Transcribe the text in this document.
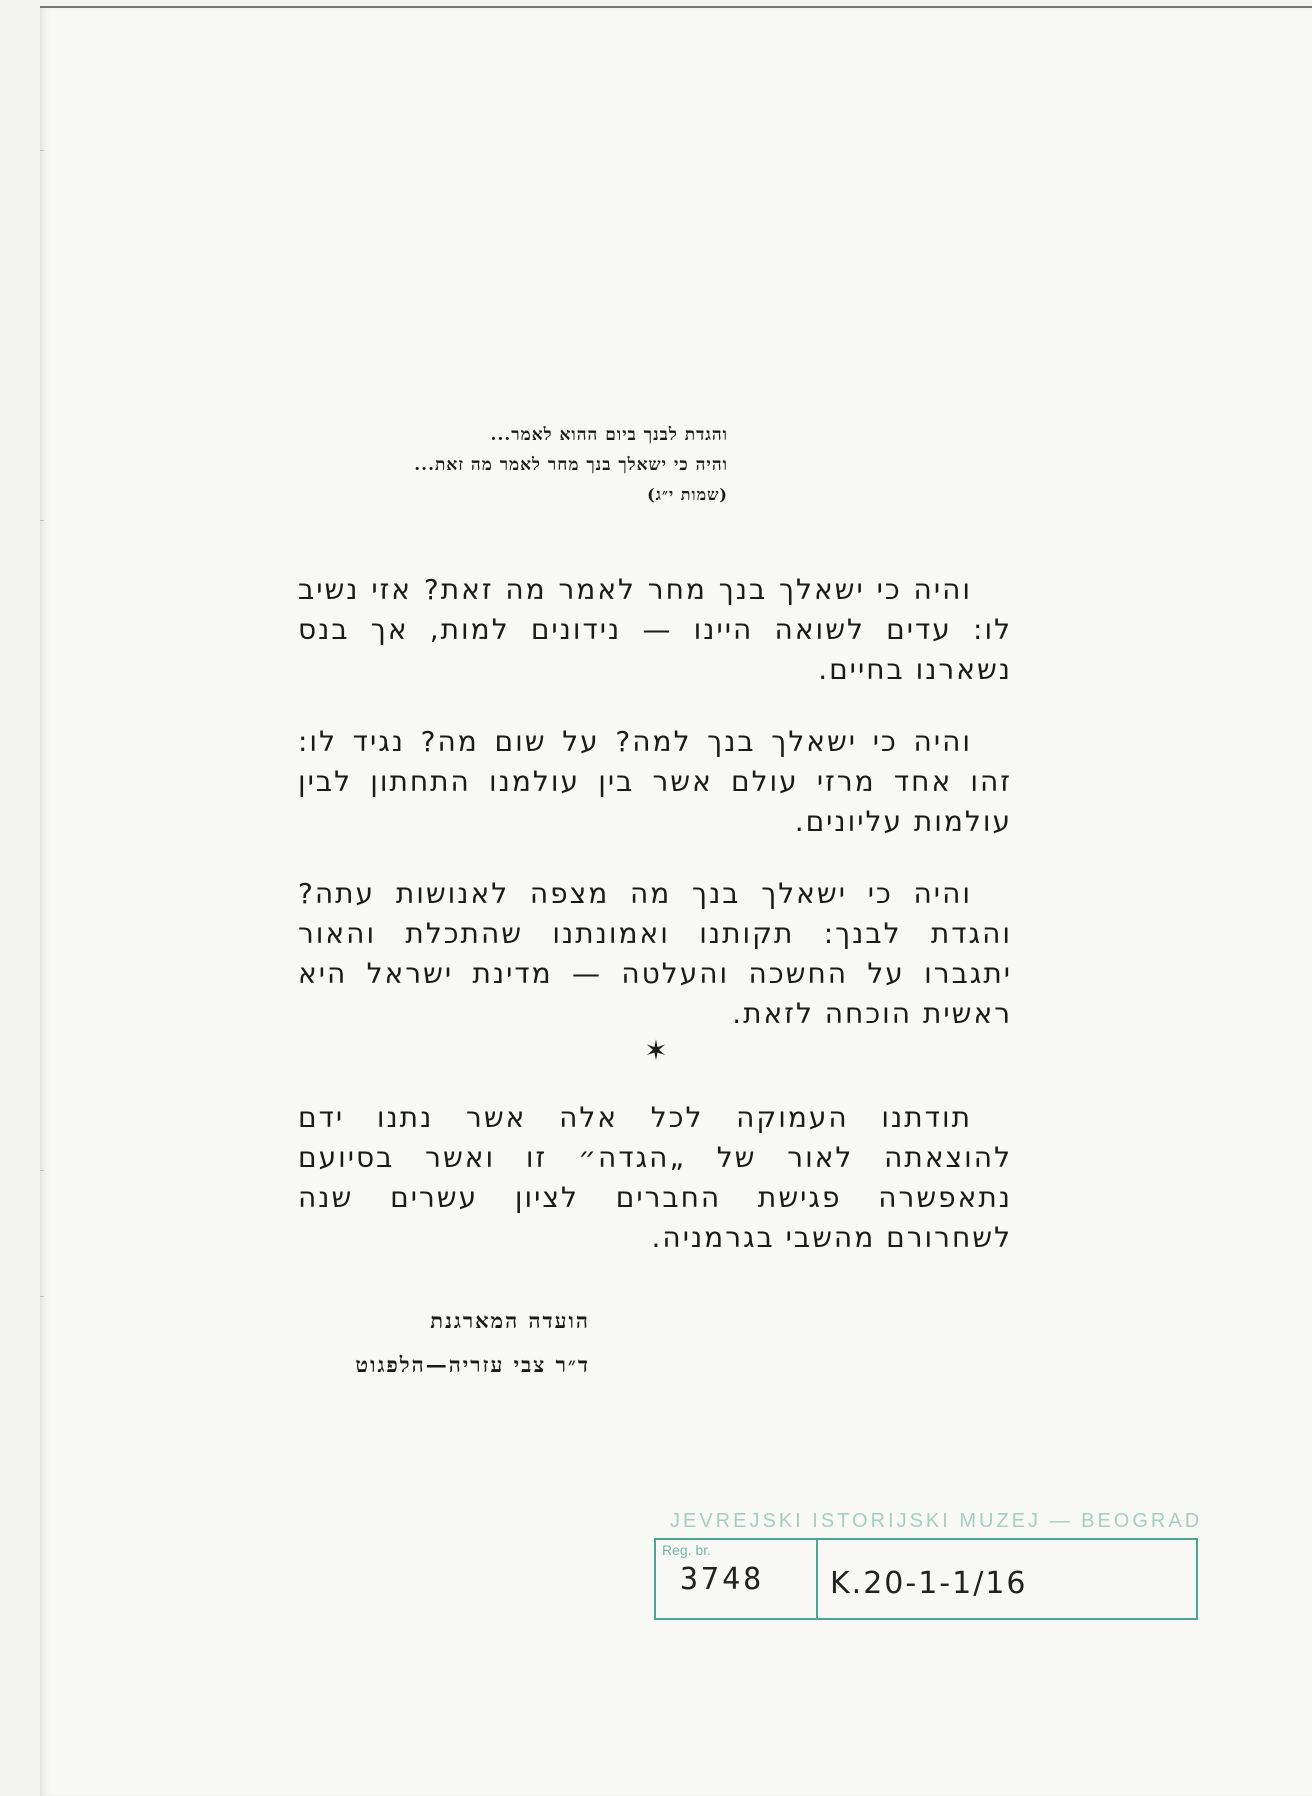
והגדת לבנך ביום ההוא לאמר...
והיה כי ישאלך בנך מחר לאמר מה זאת...
(שמות י״ג)

והיה כי ישאלך בנך מחר לאמר מה זאת? אזי נשיב לו: עדים לשואה היינו — נידונים למות, אך בנס נשארנו בחיים.

והיה כי ישאלך בנך למה? על שום מה? נגיד לו: זהו אחד מרזי עולם אשר בין עולמנו התחתון לבין עולמות עליונים.

והיה כי ישאלך בנך מה מצפה לאנושות עתה? והגדת לבנך: תקותנו ואמונתנו שהתכלת והאור יתגברו על החשכה והעלטה — מדינת ישראל היא ראשית הוכחה לזאת.

✶

תודתנו העמוקה לכל אלה אשר נתנו ידם להוצאתה לאור של „הגדה״ זו ואשר בסיועם נתאפשרה פגישת החברים לציון עשרים שנה לשחרורם מהשבי בגרמניה.

הועדה המארגנת
ד״ר צבי עזריה—הלפגוט
JEVREJSKI ISTORIJSKI MUZEJ — BEOGRAD
Reg. br.
3748 K.20-1-1/16
